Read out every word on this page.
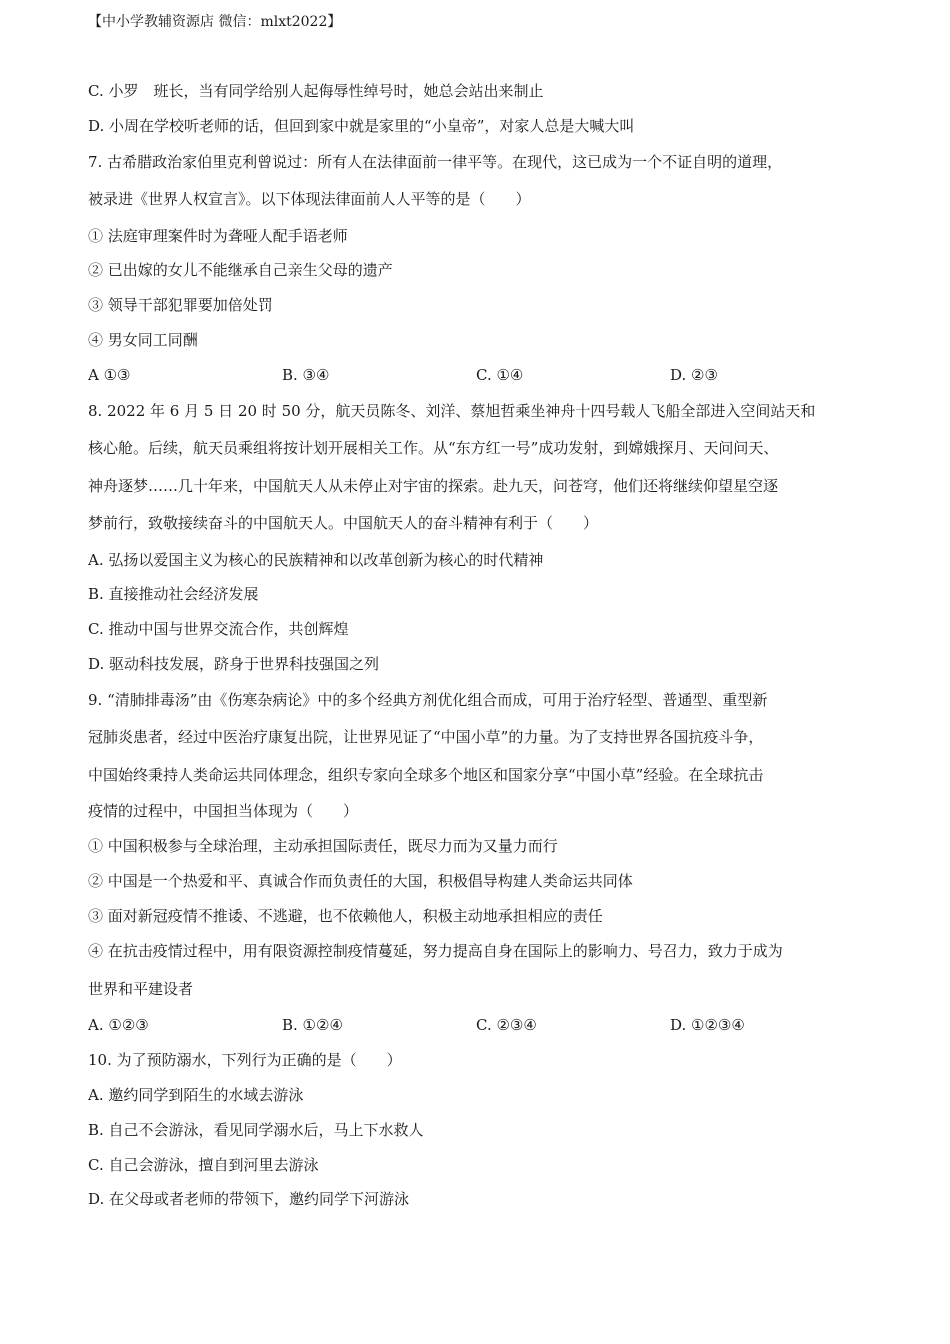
【中小学教辅资源店 微信：mlxt2022】
C. 小罗　班长，当有同学给别人起侮辱性绰号时，她总会站出来制止
D. 小周在学校听老师的话，但回到家中就是家里的“小皇帝”，对家人总是大喊大叫
7. 古希腊政治家伯里克利曾说过：所有人在法律面前一律平等。在现代，这已成为一个不证自明的道理，
被录进《世界人权宣言》。以下体现法律面前人人平等的是（　　）
① 法庭审理案件时为聋哑人配手语老师
② 已出嫁的女儿不能继承自己亲生父母的遗产
③ 领导干部犯罪要加倍处罚
④ 男女同工同酬
A ①③	B. ③④	C. ①④	D. ②③
8. 2022 年 6 月 5 日 20 时 50 分，航天员陈冬、刘洋、蔡旭哲乘坐神舟十四号载人飞船全部进入空间站天和
核心舱。后续，航天员乘组将按计划开展相关工作。从“东方红一号”成功发射，到嫦娥探月、天问问天、
神舟逐梦……几十年来，中国航天人从未停止对宇宙的探索。赴九天，问苍穹，他们还将继续仰望星空逐
梦前行，致敬接续奋斗的中国航天人。中国航天人的奋斗精神有利于（　　）
A. 弘扬以爱国主义为核心的民族精神和以改革创新为核心的时代精神
B. 直接推动社会经济发展
C. 推动中国与世界交流合作，共创辉煌
D. 驱动科技发展，跻身于世界科技强国之列
9. “清肺排毒汤”由《伤寒杂病论》中的多个经典方剂优化组合而成，可用于治疗轻型、普通型、重型新
冠肺炎患者，经过中医治疗康复出院，让世界见证了“中国小草”的力量。为了支持世界各国抗疫斗争，
中国始终秉持人类命运共同体理念，组织专家向全球多个地区和国家分享“中国小草”经验。在全球抗击
疫情的过程中，中国担当体现为（　　）
① 中国积极参与全球治理，主动承担国际责任，既尽力而为又量力而行
② 中国是一个热爱和平、真诚合作而负责任的大国，积极倡导构建人类命运共同体
③ 面对新冠疫情不推诿、不逃避，也不依赖他人，积极主动地承担相应的责任
④ 在抗击疫情过程中，用有限资源控制疫情蔓延，努力提高自身在国际上的影响力、号召力，致力于成为
世界和平建设者
A. ①②③	B. ①②④	C. ②③④	D. ①②③④
10. 为了预防溺水，下列行为正确的是（　　）
A. 邀约同学到陌生的水域去游泳
B. 自己不会游泳，看见同学溺水后，马上下水救人
C. 自己会游泳，擅自到河里去游泳
D. 在父母或者老师的带领下，邀约同学下河游泳
